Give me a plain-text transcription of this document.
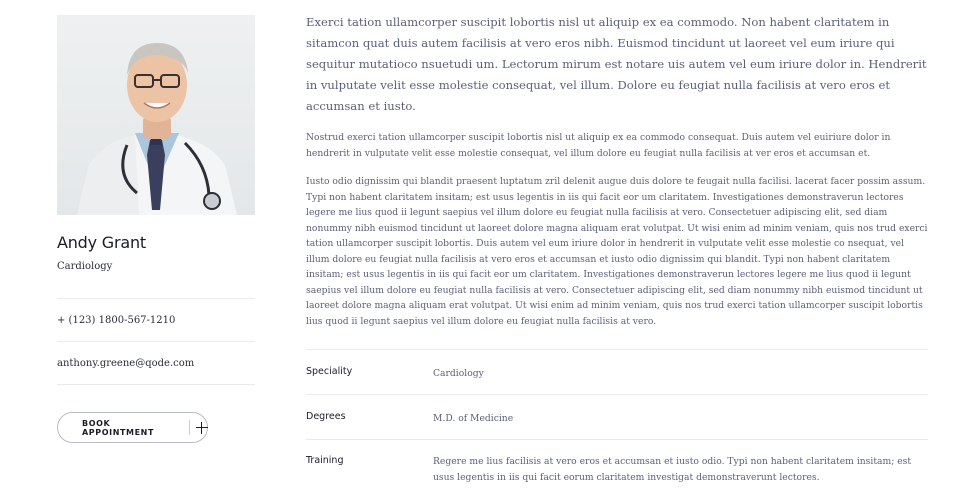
Andy Grant
Cardiology
+ (123) 1800-567-1210
anthony.greene@qode.com
BOOK APPOINTMENT

Exerci tation ullamcorper suscipit lobortis nisl ut aliquip ex ea commodo. Non habent claritatem in sitamcon quat duis autem facilisis at vero eros nibh. Euismod tincidunt ut laoreet vel eum iriure qui sequitur mutatioco nsuetudi um. Lectorum mirum est notare uis autem vel eum iriure dolor in. Hendrerit in vulputate velit esse molestie consequat, vel illum. Dolore eu feugiat nulla facilisis at vero eros et accumsan et iusto.

Nostrud exerci tation ullamcorper suscipit lobortis nisl ut aliquip ex ea commodo consequat. Duis autem vel euiriure dolor in hendrerit in vulputate velit esse molestie consequat, vel illum dolore eu feugiat nulla facilisis at ver eros et accumsan et.

Iusto odio dignissim qui blandit praesent luptatum zril delenit augue duis dolore te feugait nulla facilisi. lacerat facer possim assum. Typi non habent claritatem insitam; est usus legentis in iis qui facit eor um claritatem. Investigationes demonstraverun lectores legere me lius quod ii legunt saepius vel illum dolore eu feugiat nulla facilisis at vero. Consectetuer adipiscing elit, sed diam nonummy nibh euismod tincidunt ut laoreet dolore magna aliquam erat volutpat. Ut wisi enim ad minim veniam, quis nos trud exerci tation ullamcorper suscipit lobortis. Duis autem vel eum iriure dolor in hendrerit in vulputate velit esse molestie co nsequat, vel illum dolore eu feugiat nulla facilisis at vero eros et accumsan et iusto odio dignissim qui blandit. Typi non habent claritatem insitam; est usus legentis in iis qui facit eor um claritatem. Investigationes demonstraverun lectores legere me lius quod ii legunt saepius vel illum dolore eu feugiat nulla facilisis at vero. Consectetuer adipiscing elit, sed diam nonummy nibh euismod tincidunt ut laoreet dolore magna aliquam erat volutpat. Ut wisi enim ad minim veniam, quis nos trud exerci tation ullamcorper suscipit lobortis lius quod ii legunt saepius vel illum dolore eu feugiat nulla facilisis at vero.

Speciality	Cardiology
Degrees	M.D. of Medicine
Training	Regere me lius facilisis at vero eros et accumsan et iusto odio. Typi non habent claritatem insitam; est usus legentis in iis qui facit eorum claritatem investigat demonstraverunt lectores.
